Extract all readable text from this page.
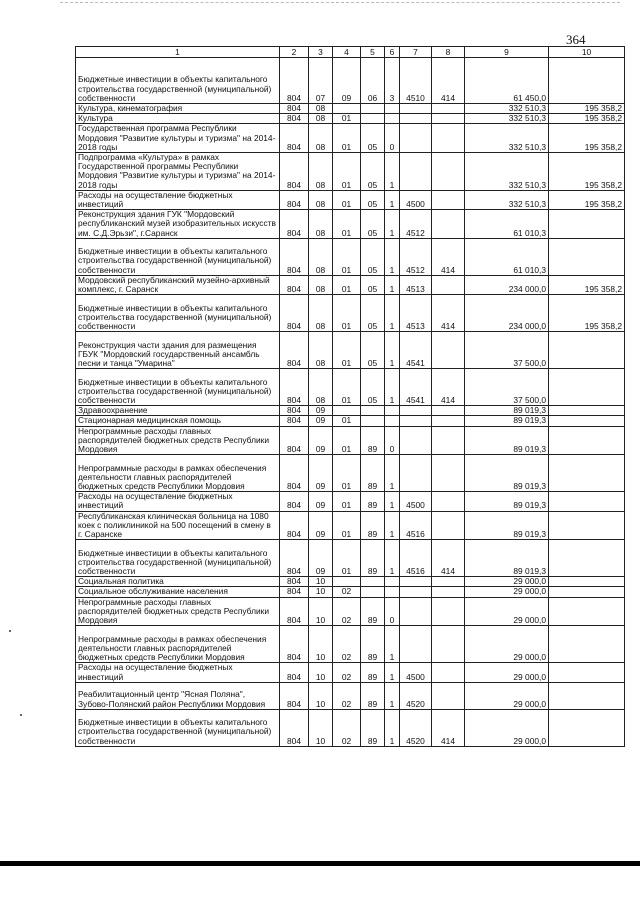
364
1	2	3	4	5	6	7	8	9	10
Бюджетные инвестиции в объекты капитального строительства государственной (муниципальной) собственности	804	07	09	06	3	4510	414	61 450,0	
Культура, кинематография	804	08						332 510,3	195 358,2
Культура	804	08	01					332 510,3	195 358,2
Государственная программа Республики Мордовия "Развитие культуры и туризма" на 2014-2018 годы	804	08	01	05	0			332 510,3	195 358,2
Подпрограмма «Культура» в рамках Государственной программы Республики Мордовия "Развитие культуры и туризма" на 2014-2018 годы	804	08	01	05	1			332 510,3	195 358,2
Расходы на осуществление бюджетных инвестиций	804	08	01	05	1	4500		332 510,3	195 358,2
Реконструкция здания ГУК "Мордовский республиканский музей изобразительных искусств им. С.Д.Эрьзи", г.Саранск	804	08	01	05	1	4512		61 010,3	
Бюджетные инвестиции в объекты капитального строительства государственной (муниципальной) собственности	804	08	01	05	1	4512	414	61 010,3	
Мордовский республиканский музейно-архивный комплекс, г. Саранск	804	08	01	05	1	4513		234 000,0	195 358,2
Бюджетные инвестиции в объекты капитального строительства государственной (муниципальной) собственности	804	08	01	05	1	4513	414	234 000,0	195 358,2
Реконструкция части здания для размещения ГБУК "Мордовский государственный ансамбль песни и танца "Умарина"	804	08	01	05	1	4541		37 500,0	
Бюджетные инвестиции в объекты капитального строительства государственной (муниципальной) собственности	804	08	01	05	1	4541	414	37 500,0	
Здравоохранение	804	09						89 019,3	
Стационарная медицинская помощь	804	09	01					89 019,3	
Непрограммные расходы главных распорядителей бюджетных средств Республики Мордовия	804	09	01	89	0			89 019,3	
Непрограммные расходы в рамках обеспечения деятельности главных распорядителей бюджетных средств Республики Мордовия	804	09	01	89	1			89 019,3	
Расходы на осуществление бюджетных инвестиций	804	09	01	89	1	4500		89 019,3	
Республиканская клиническая больница на 1080 коек с поликлиникой на 500 посещений в смену в г. Саранске	804	09	01	89	1	4516		89 019,3	
Бюджетные инвестиции в объекты капитального строительства государственной (муниципальной) собственности	804	09	01	89	1	4516	414	89 019,3	
Социальная политика	804	10						29 000,0	
Социальное обслуживание населения	804	10	02					29 000,0	
Непрограммные расходы главных распорядителей бюджетных средств Республики Мордовия	804	10	02	89	0			29 000,0	
Непрограммные расходы в рамках обеспечения деятельности главных распорядителей бюджетных средств Республики Мордовия	804	10	02	89	1			29 000,0	
Расходы на осуществление бюджетных инвестиций	804	10	02	89	1	4500		29 000,0	
Реабилитационный центр "Ясная Поляна", Зубово-Полянский район Республики Мордовия	804	10	02	89	1	4520		29 000,0	
Бюджетные инвестиции в объекты капитального строительства государственной (муниципальной) собственности	804	10	02	89	1	4520	414	29 000,0	
